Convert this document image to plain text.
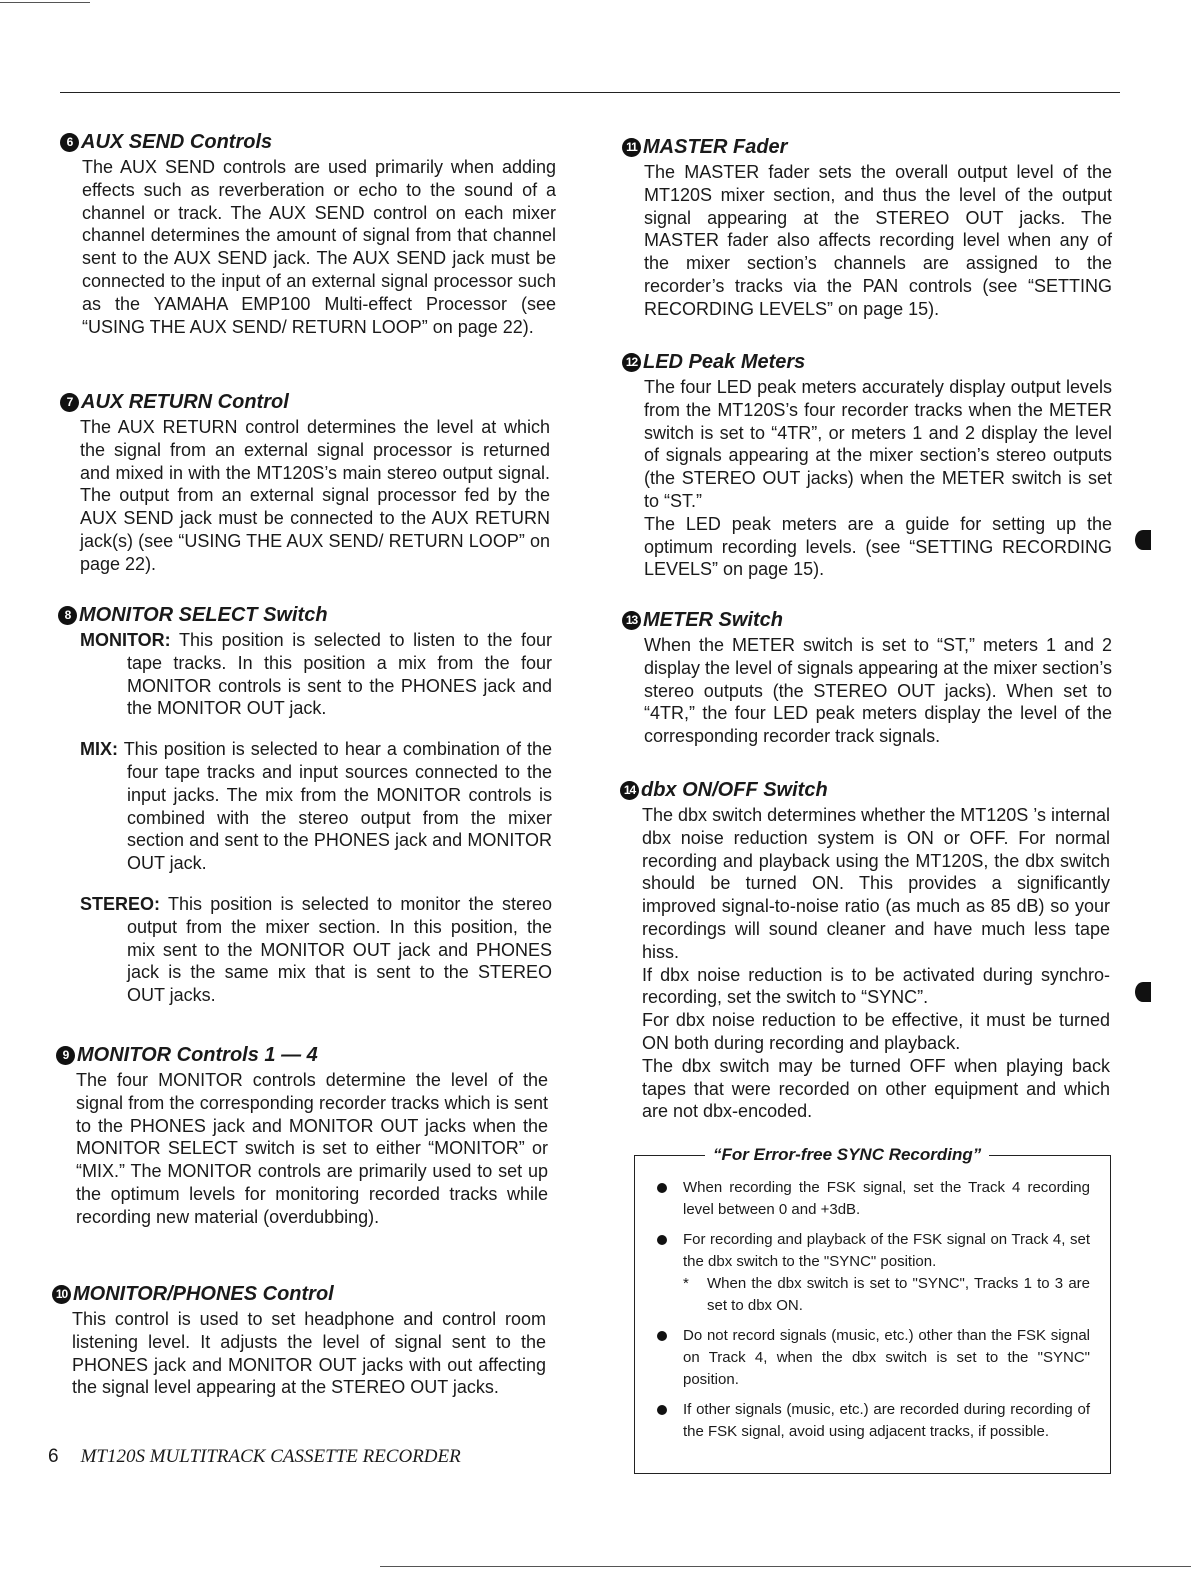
6 AUX SEND Controls

The AUX SEND controls are used primarily when adding effects such as reverberation or echo to the sound of a channel or track. The AUX SEND control on each mixer channel determines the amount of signal from that channel sent to the AUX SEND jack. The AUX SEND jack must be connected to the input of an external signal processor such as the YAMAHA EMP100 Multi-effect Processor (see “USING THE AUX SEND/ RETURN LOOP” on page 22).

7 AUX RETURN Control

The AUX RETURN control determines the level at which the signal from an external signal processor is returned and mixed in with the MT120S’s main stereo output signal. The output from an external signal processor fed by the AUX SEND jack must be connected to the AUX RETURN jack(s) (see “USING THE AUX SEND/ RETURN LOOP” on page 22).

8 MONITOR SELECT Switch

MONITOR: This position is selected to listen to the four tape tracks. In this position a mix from the four MONITOR controls is sent to the PHONES jack and the MONITOR OUT jack.

MIX: This position is selected to hear a combination of the four tape tracks and input sources connected to the input jacks. The mix from the MONITOR controls is combined with the stereo output from the mixer section and sent to the PHONES jack and MONITOR OUT jack.

STEREO: This position is selected to monitor the stereo output from the mixer section. In this position, the mix sent to the MONITOR OUT jack and PHONES jack is the same mix that is sent to the STEREO OUT jacks.

9 MONITOR Controls 1 — 4

The four MONITOR controls determine the level of the signal from the corresponding recorder tracks which is sent to the PHONES jack and MONITOR OUT jacks when the MONITOR SELECT switch is set to either “MONITOR” or “MIX.” The MONITOR controls are primarily used to set up the optimum levels for monitoring recorded tracks while recording new material (overdubbing).

10 MONITOR/PHONES Control

This control is used to set headphone and control room listening level. It adjusts the level of signal sent to the PHONES jack and MONITOR OUT jacks with out affecting the signal level appearing at the STEREO OUT jacks.

11 MASTER Fader

The MASTER fader sets the overall output level of the MT120S mixer section, and thus the level of the output signal appearing at the STEREO OUT jacks. The MASTER fader also affects recording level when any of the mixer section’s channels are assigned to the recorder’s tracks via the PAN controls (see “SETTING RECORDING LEVELS” on page 15).

12 LED Peak Meters

The four LED peak meters accurately display output levels from the MT120S’s four recorder tracks when the METER switch is set to “4TR”, or meters 1 and 2 display the level of signals appearing at the mixer section’s stereo outputs (the STEREO OUT jacks) when the METER switch is set to “ST.”

The LED peak meters are a guide for setting up the optimum recording levels. (see “SETTING RECORDING LEVELS” on page 15).

13 METER Switch

When the METER switch is set to “ST,” meters 1 and 2 display the level of signals appearing at the mixer section’s stereo outputs (the STEREO OUT jacks). When set to “4TR,” the four LED peak meters display the level of the corresponding recorder track signals.

14 dbx ON/OFF Switch

The dbx switch determines whether the MT120S ’s internal dbx noise reduction system is ON or OFF. For normal recording and playback using the MT120S, the dbx switch should be turned ON. This provides a significantly improved signal-to-noise ratio (as much as 85 dB) so your recordings will sound cleaner and have much less tape hiss.

If dbx noise reduction is to be activated during synchro-recording, set the switch to “SYNC”.

For dbx noise reduction to be effective, it must be turned ON both during recording and playback.

The dbx switch may be turned OFF when playing back tapes that were recorded on other equipment and which are not dbx-encoded.

“For Error-free SYNC Recording”
When recording the FSK signal, set the Track 4 recording level between 0 and +3dB.
For recording and playback of the FSK signal on Track 4, set the dbx switch to the "SYNC" position.
* When the dbx switch is set to "SYNC", Tracks 1 to 3 are set to dbx ON.
Do not record signals (music, etc.) other than the FSK signal on Track 4, when the dbx switch is set to the "SYNC" position.
If other signals (music, etc.) are recorded during recording of the FSK signal, avoid using adjacent tracks, if possible.
6 MT120S MULTITRACK CASSETTE RECORDER
